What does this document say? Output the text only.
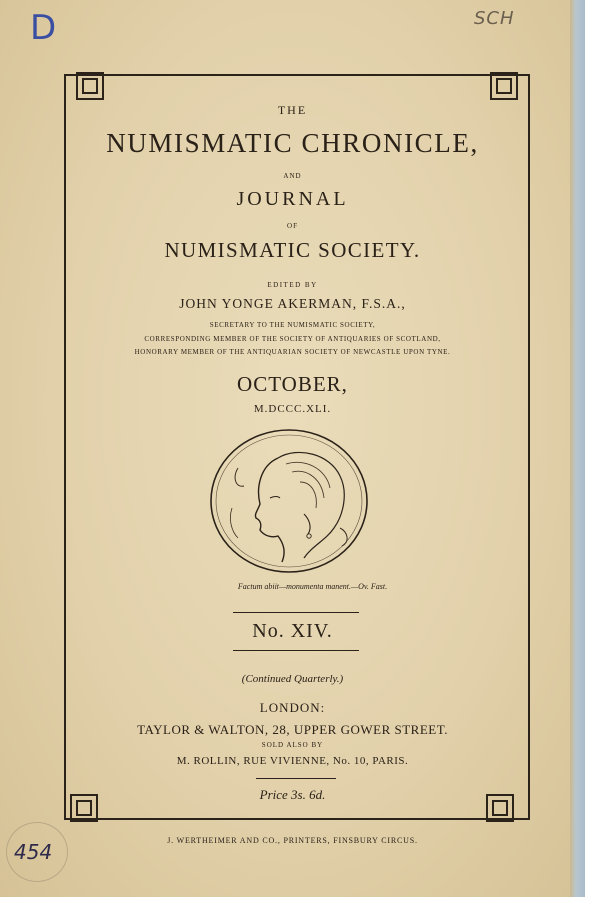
D	SCH
454
THE
NUMISMATIC CHRONICLE,
AND
JOURNAL
OF
NUMISMATIC SOCIETY.
EDITED BY
JOHN YONGE AKERMAN, F.S.A.,
SECRETARY TO THE NUMISMATIC SOCIETY,
CORRESPONDING MEMBER OF THE SOCIETY OF ANTIQUARIES OF SCOTLAND,
HONORARY MEMBER OF THE ANTIQUARIAN SOCIETY OF NEWCASTLE UPON TYNE.
OCTOBER,
M.DCCC.XLI.
Factum abiit—monumenta manent.—Ov. Fast.
No. XIV.
(Continued Quarterly.)
LONDON:
TAYLOR & WALTON, 28, UPPER GOWER STREET.
SOLD ALSO BY
M. ROLLIN, RUE VIVIENNE, No. 10, PARIS.
Price 3s. 6d.
J. WERTHEIMER AND CO., PRINTERS, FINSBURY CIRCUS.
